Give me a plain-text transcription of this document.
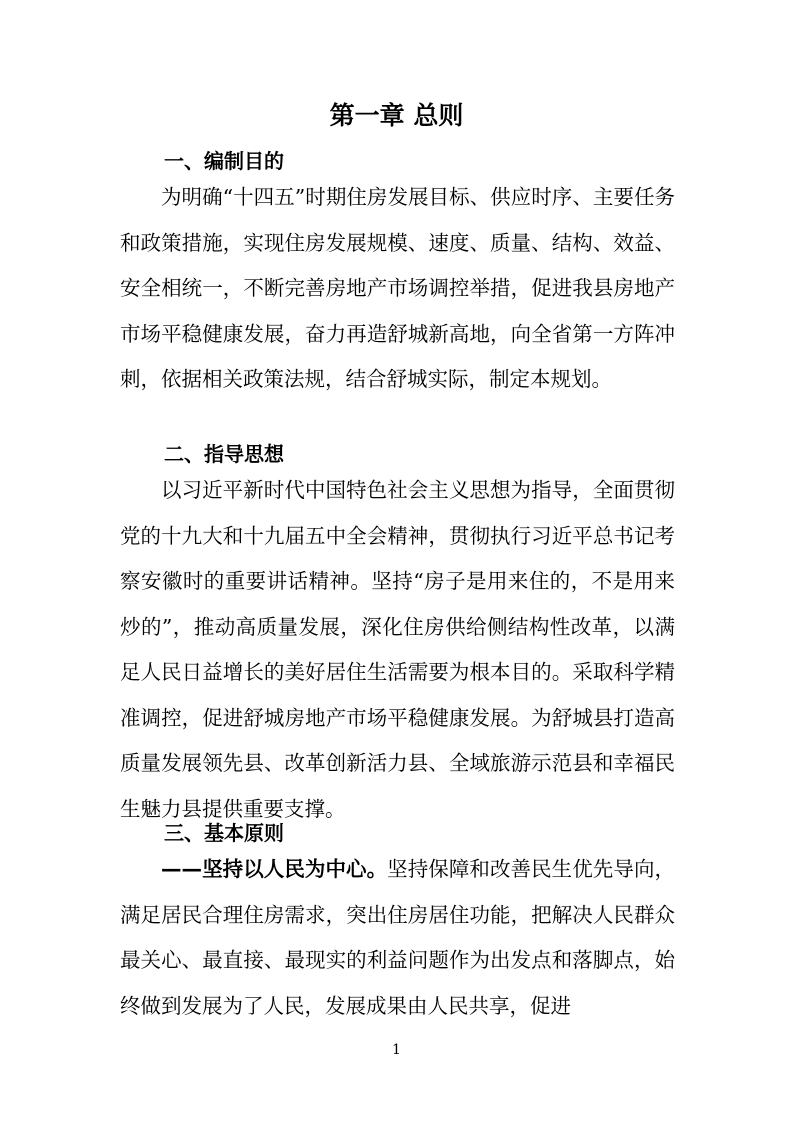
第一章 总则
一、编制目的

为明确“十四五”时期住房发展目标、供应时序、主要任务和政策措施，实现住房发展规模、速度、质量、结构、效益、安全相统一，不断完善房地产市场调控举措，促进我县房地产市场平稳健康发展，奋力再造舒城新高地，向全省第一方阵冲刺，依据相关政策法规，结合舒城实际，制定本规划。

二、指导思想

以习近平新时代中国特色社会主义思想为指导，全面贯彻党的十九大和十九届五中全会精神，贯彻执行习近平总书记考察安徽时的重要讲话精神。坚持“房子是用来住的，不是用来炒的”，推动高质量发展，深化住房供给侧结构性改革，以满足人民日益增长的美好居住生活需要为根本目的。采取科学精准调控，促进舒城房地产市场平稳健康发展。为舒城县打造高质量发展领先县、改革创新活力县、全域旅游示范县和幸福民生魅力县提供重要支撑。

三、基本原则

——坚持以人民为中心。坚持保障和改善民生优先导向，满足居民合理住房需求，突出住房居住功能，把解决人民群众最关心、最直接、最现实的利益问题作为出发点和落脚点，始终做到发展为了人民，发展成果由人民共享，促进

1
